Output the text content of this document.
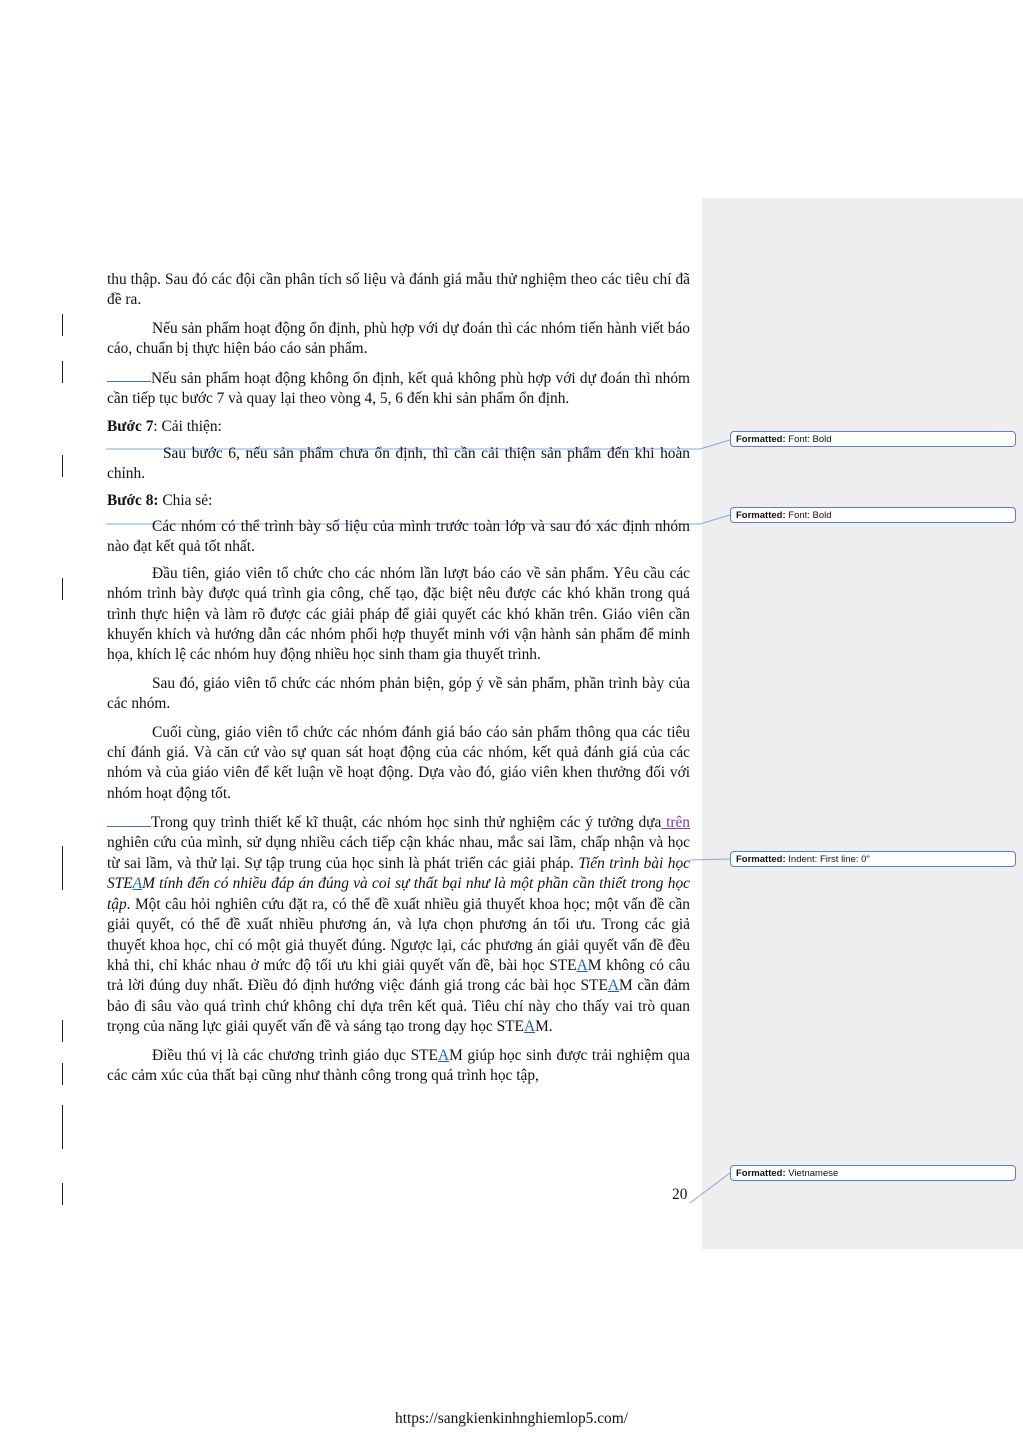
thu thập. Sau đó các đội cần phân tích số liệu và đánh giá mẫu thử nghiệm theo các tiêu chí đã đề ra.

Nếu sản phẩm hoạt động ổn định, phù hợp với dự đoán thì các nhóm tiến hành viết báo cáo, chuẩn bị thực hiện báo cáo sản phẩm.

Nếu sản phẩm hoạt động không ổn định, kết quả không phù hợp với dự đoán thì nhóm cần tiếp tục bước 7 và quay lại theo vòng 4, 5, 6 đến khi sản phẩm ổn định.

Bước 7: Cải thiện:

Sau bước 6, nếu sản phẩm chưa ổn định, thì cần cải thiện sản phẩm đến khi hoàn chỉnh.

Bước 8: Chia sẻ:

Các nhóm có thể trình bày số liệu của mình trước toàn lớp và sau đó xác định nhóm nào đạt kết quả tốt nhất.

Đầu tiên, giáo viên tổ chức cho các nhóm lần lượt báo cáo về sản phẩm. Yêu cầu các nhóm trình bày được quá trình gia công, chế tạo, đặc biệt nêu được các khó khăn trong quá trình thực hiện và làm rõ được các giải pháp để giải quyết các khó khăn trên. Giáo viên cần khuyến khích và hướng dẫn các nhóm phối hợp thuyết minh với vận hành sản phẩm để minh họa, khích lệ các nhóm huy động nhiều học sinh tham gia thuyết trình.

Sau đó, giáo viên tổ chức các nhóm phản biện, góp ý về sản phẩm, phần trình bày của các nhóm.

Cuối cùng, giáo viên tổ chức các nhóm đánh giá báo cáo sản phẩm thông qua các tiêu chí đánh giá. Và căn cứ vào sự quan sát hoạt động của các nhóm, kết quả đánh giá của các nhóm và của giáo viên để kết luận về hoạt động. Dựa vào đó, giáo viên khen thưởng đối với nhóm hoạt động tốt.

Trong quy trình thiết kế kĩ thuật, các nhóm học sinh thử nghiệm các ý tưởng dựa trên nghiên cứu của mình, sử dụng nhiều cách tiếp cận khác nhau, mắc sai lầm, chấp nhận và học từ sai lầm, và thử lại. Sự tập trung của học sinh là phát triển các giải pháp. Tiến trình bài học STEAM tính đến có nhiều đáp án đúng và coi sự thất bại như là một phần cần thiết trong học tập. Một câu hỏi nghiên cứu đặt ra, có thể đề xuất nhiều giả thuyết khoa học; một vấn đề cần giải quyết, có thể đề xuất nhiều phương án, và lựa chọn phương án tối ưu. Trong các giả thuyết khoa học, chỉ có một giả thuyết đúng. Ngược lại, các phương án giải quyết vấn đề đều khả thi, chỉ khác nhau ở mức độ tối ưu khi giải quyết vấn đề, bài học STEAM không có câu trả lời đúng duy nhất. Điều đó định hướng việc đánh giá trong các bài học STEAM cần đảm bảo đi sâu vào quá trình chứ không chỉ dựa trên kết quả. Tiêu chí này cho thấy vai trò quan trọng của năng lực giải quyết vấn đề và sáng tạo trong dạy học STEAM.

Điều thú vị là các chương trình giáo dục STEAM giúp học sinh được trải nghiệm qua các cảm xúc của thất bại cũng như thành công trong quá trình học tập,

Formatted: Font: Bold
Formatted: Font: Bold
Formatted: Indent: First line: 0"
Formatted: Vietnamese
20
https://sangkienkinhnghiemlop5.com/
